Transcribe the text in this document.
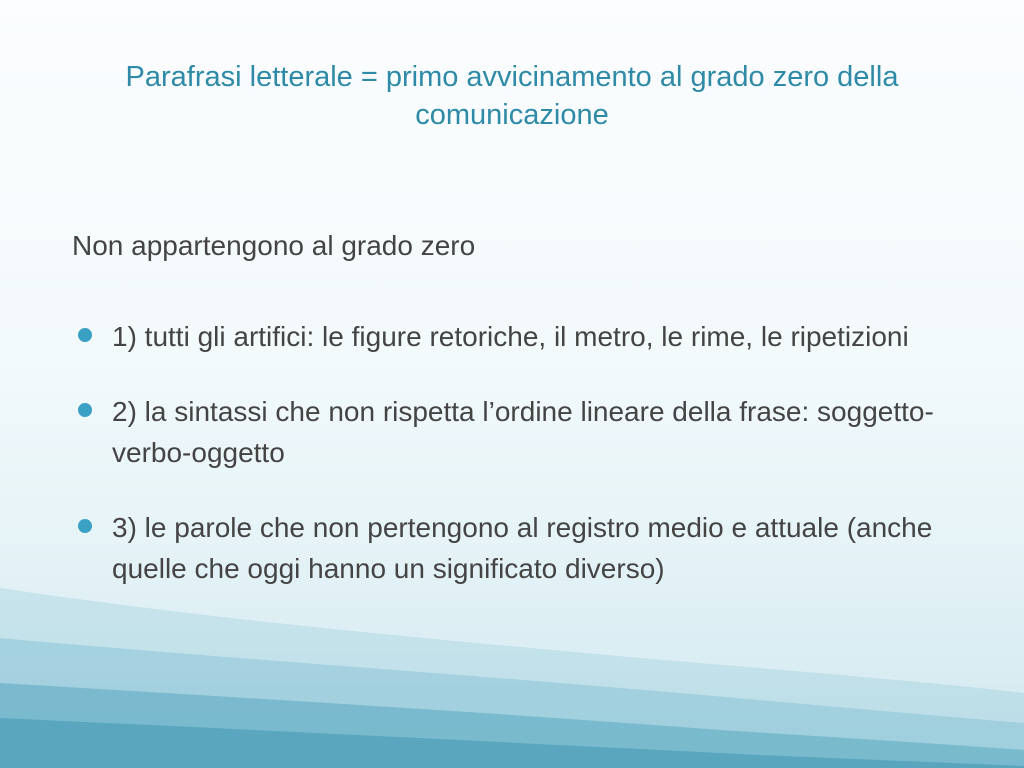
Parafrasi letterale = primo avvicinamento al grado zero della comunicazione
Non appartengono al grado zero
1) tutti gli artifici: le figure retoriche, il metro, le rime, le ripetizioni
2) la sintassi che non rispetta l’ordine lineare della frase: soggetto-verbo-oggetto
3) le parole che non pertengono al registro medio e attuale (anche quelle che oggi hanno un significato diverso)
